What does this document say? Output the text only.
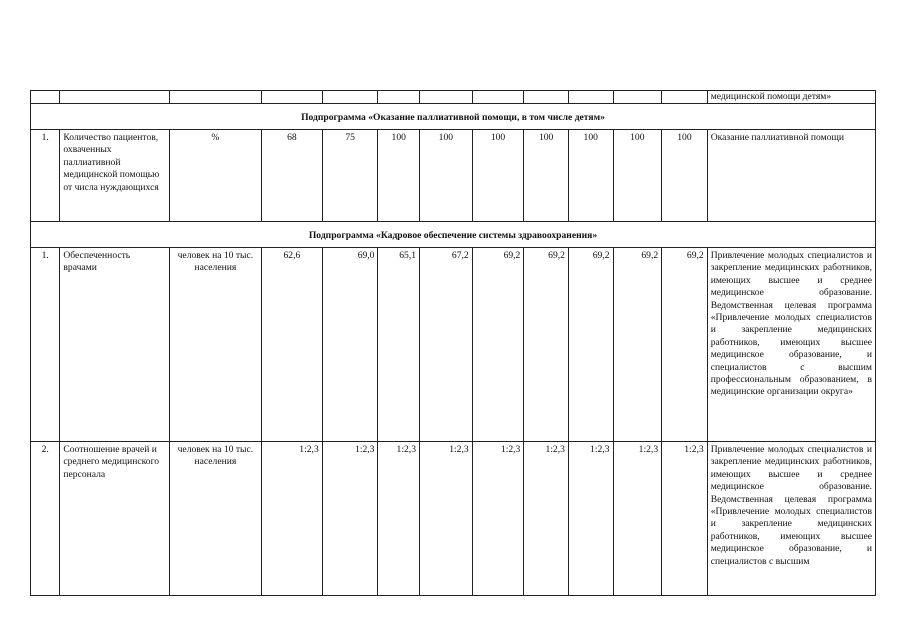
												медицинской помощи детям»
Подпрограмма «Оказание паллиативной помощи, в том числе детям»												
1.	Количество пациентов, охваченных паллиативной медицинской помощью от числа нуждающихся	%	68	75	100	100	100	100	100	100	100	Оказание паллиативной помощи
Подпрограмма «Кадровое обеспечение системы здравоохранения»												
1.	Обеспеченность врачами	человек на 10 тыс. населения	62,6	69,0	65,1	67,2	69,2	69,2	69,2	69,2	69,2	Привлечение молодых специалистов и закрепление медицинских работников, имеющих высшее и среднее медицинское образование. Ведомственная целевая программа «Привлечение молодых специалистов и закрепление медицинских работников, имеющих высшее медицинское образование, и специалистов с высшим профессиональным образованием, в медицинские организации округа»
2.	Соотношение врачей и среднего медицинского персонала	человек на 10 тыс. населения	1:2,3	1:2,3	1:2,3	1:2,3	1:2,3	1:2,3	1:2,3	1:2,3	1:2,3	Привлечение молодых специалистов и закрепление медицинских работников, имеющих высшее и среднее медицинское образование. Ведомственная целевая программа «Привлечение молодых специалистов и закрепление медицинских работников, имеющих высшее медицинское образование, и специалистов с высшим
